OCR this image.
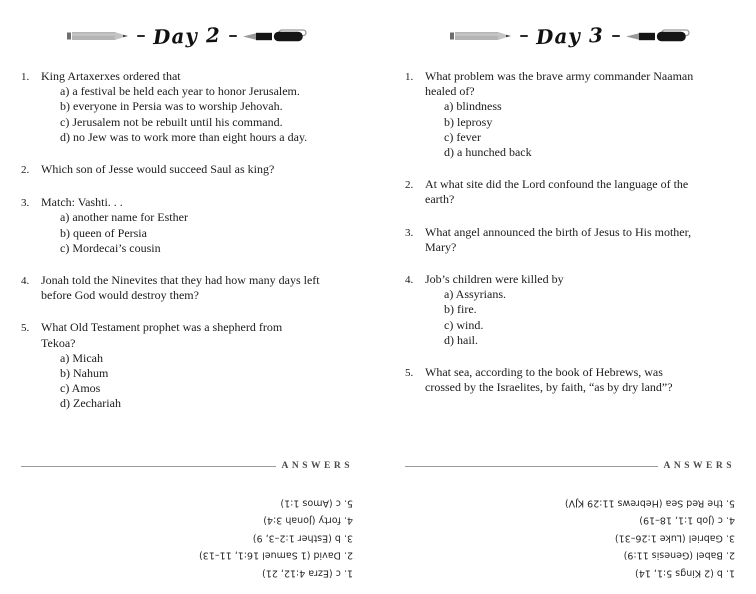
Day 2
1. King Artaxerxes ordered that
a) a festival be held each year to honor Jerusalem.
b) everyone in Persia was to worship Jehovah.
c) Jerusalem not be rebuilt until his command.
d) no Jew was to work more than eight hours a day.
2. Which son of Jesse would succeed Saul as king?
3. Match: Vashti. . .
a) another name for Esther
b) queen of Persia
c) Mordecai’s cousin
4. Jonah told the Ninevites that they had how many days left
before God would destroy them?
5. What Old Testament prophet was a shepherd from
Tekoa?
a) Micah
b) Nahum
c) Amos
d) Zechariah
ANSWERS
1. c (Ezra 4:12, 21)
2. David (1 Samuel 16:1, 11–13)
3. b (Esther 1:2–3, 9)
4. forty (Jonah 3:4)
5. c (Amos 1:1)
Day 3
1. What problem was the brave army commander Naaman
healed of?
a) blindness
b) leprosy
c) fever
d) a hunched back
2. At what site did the Lord confound the language of the
earth?
3. What angel announced the birth of Jesus to His mother,
Mary?
4. Job’s children were killed by
a) Assyrians.
b) fire.
c) wind.
d) hail.
5. What sea, according to the book of Hebrews, was
crossed by the Israelites, by faith, “as by dry land”?
ANSWERS
1. b (2 Kings 5:1, 14)
2. Babel (Genesis 11:9)
3. Gabriel (Luke 1:26–31)
4. c (Job 1:1, 18–19)
5. the Red Sea (Hebrews 11:29 KJV)
